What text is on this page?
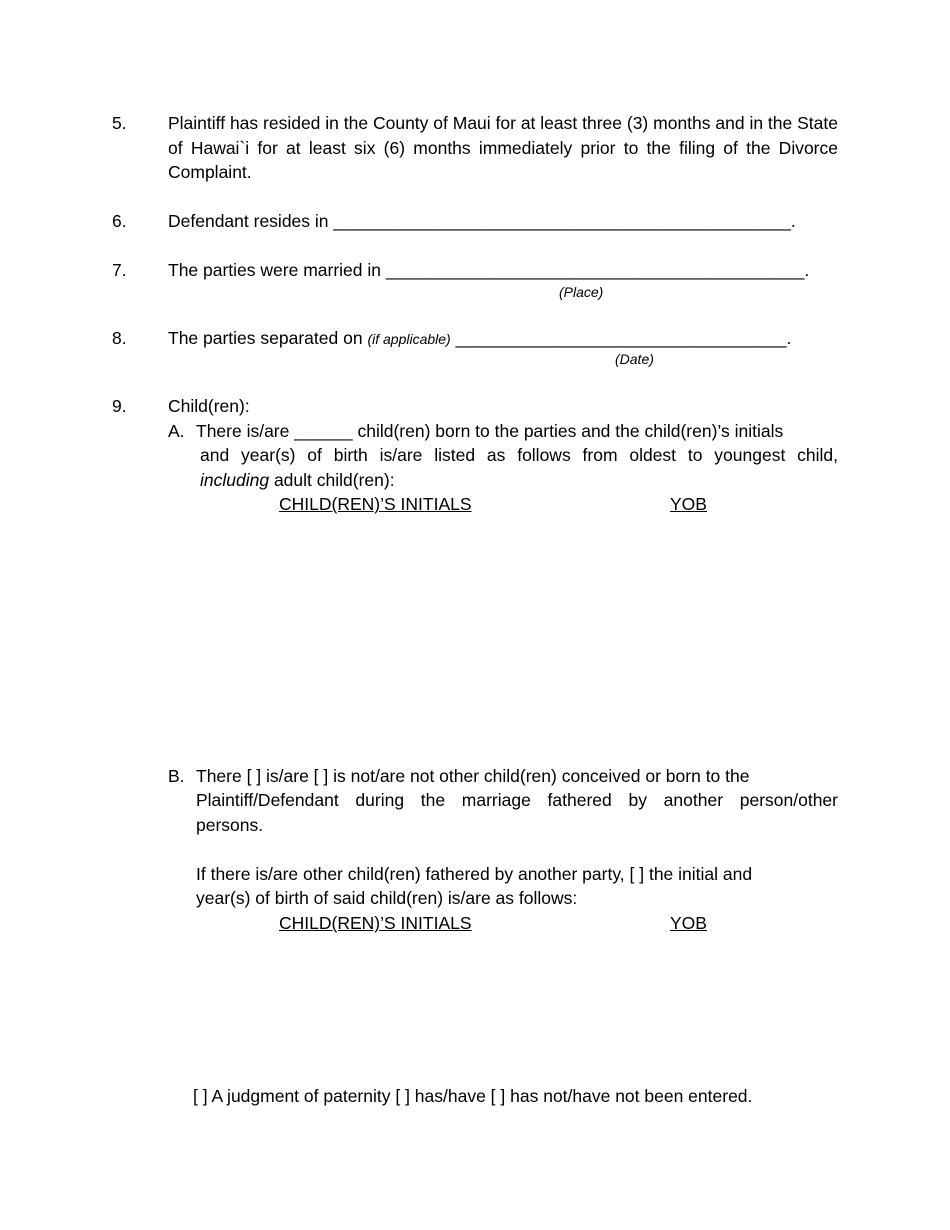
5. Plaintiff has resided in the County of Maui for at least three (3) months and in the State of Hawai`i for at least six (6) months immediately prior to the filing of the Divorce Complaint.
6. Defendant resides in _______________________________________________.
7. The parties were married in ___________________________________________.
(Place)
8. The parties separated on (if applicable) __________________________________.
(Date)
9. Child(ren):
A. There is/are ______ child(ren) born to the parties and the child(ren)’s initials
and year(s) of birth is/are listed as follows from oldest to youngest child,
including adult child(ren):
CHILD(REN)’S INITIALS	YOB
B. There [ ] is/are [ ] is not/are not other child(ren) conceived or born to the
Plaintiff/Defendant during the marriage fathered by another person/other
persons.
If there is/are other child(ren) fathered by another party, [ ] the initial and
year(s) of birth of said child(ren) is/are as follows:
CHILD(REN)’S INITIALS	YOB
[ ] A judgment of paternity [ ] has/have [ ] has not/have not been entered.
